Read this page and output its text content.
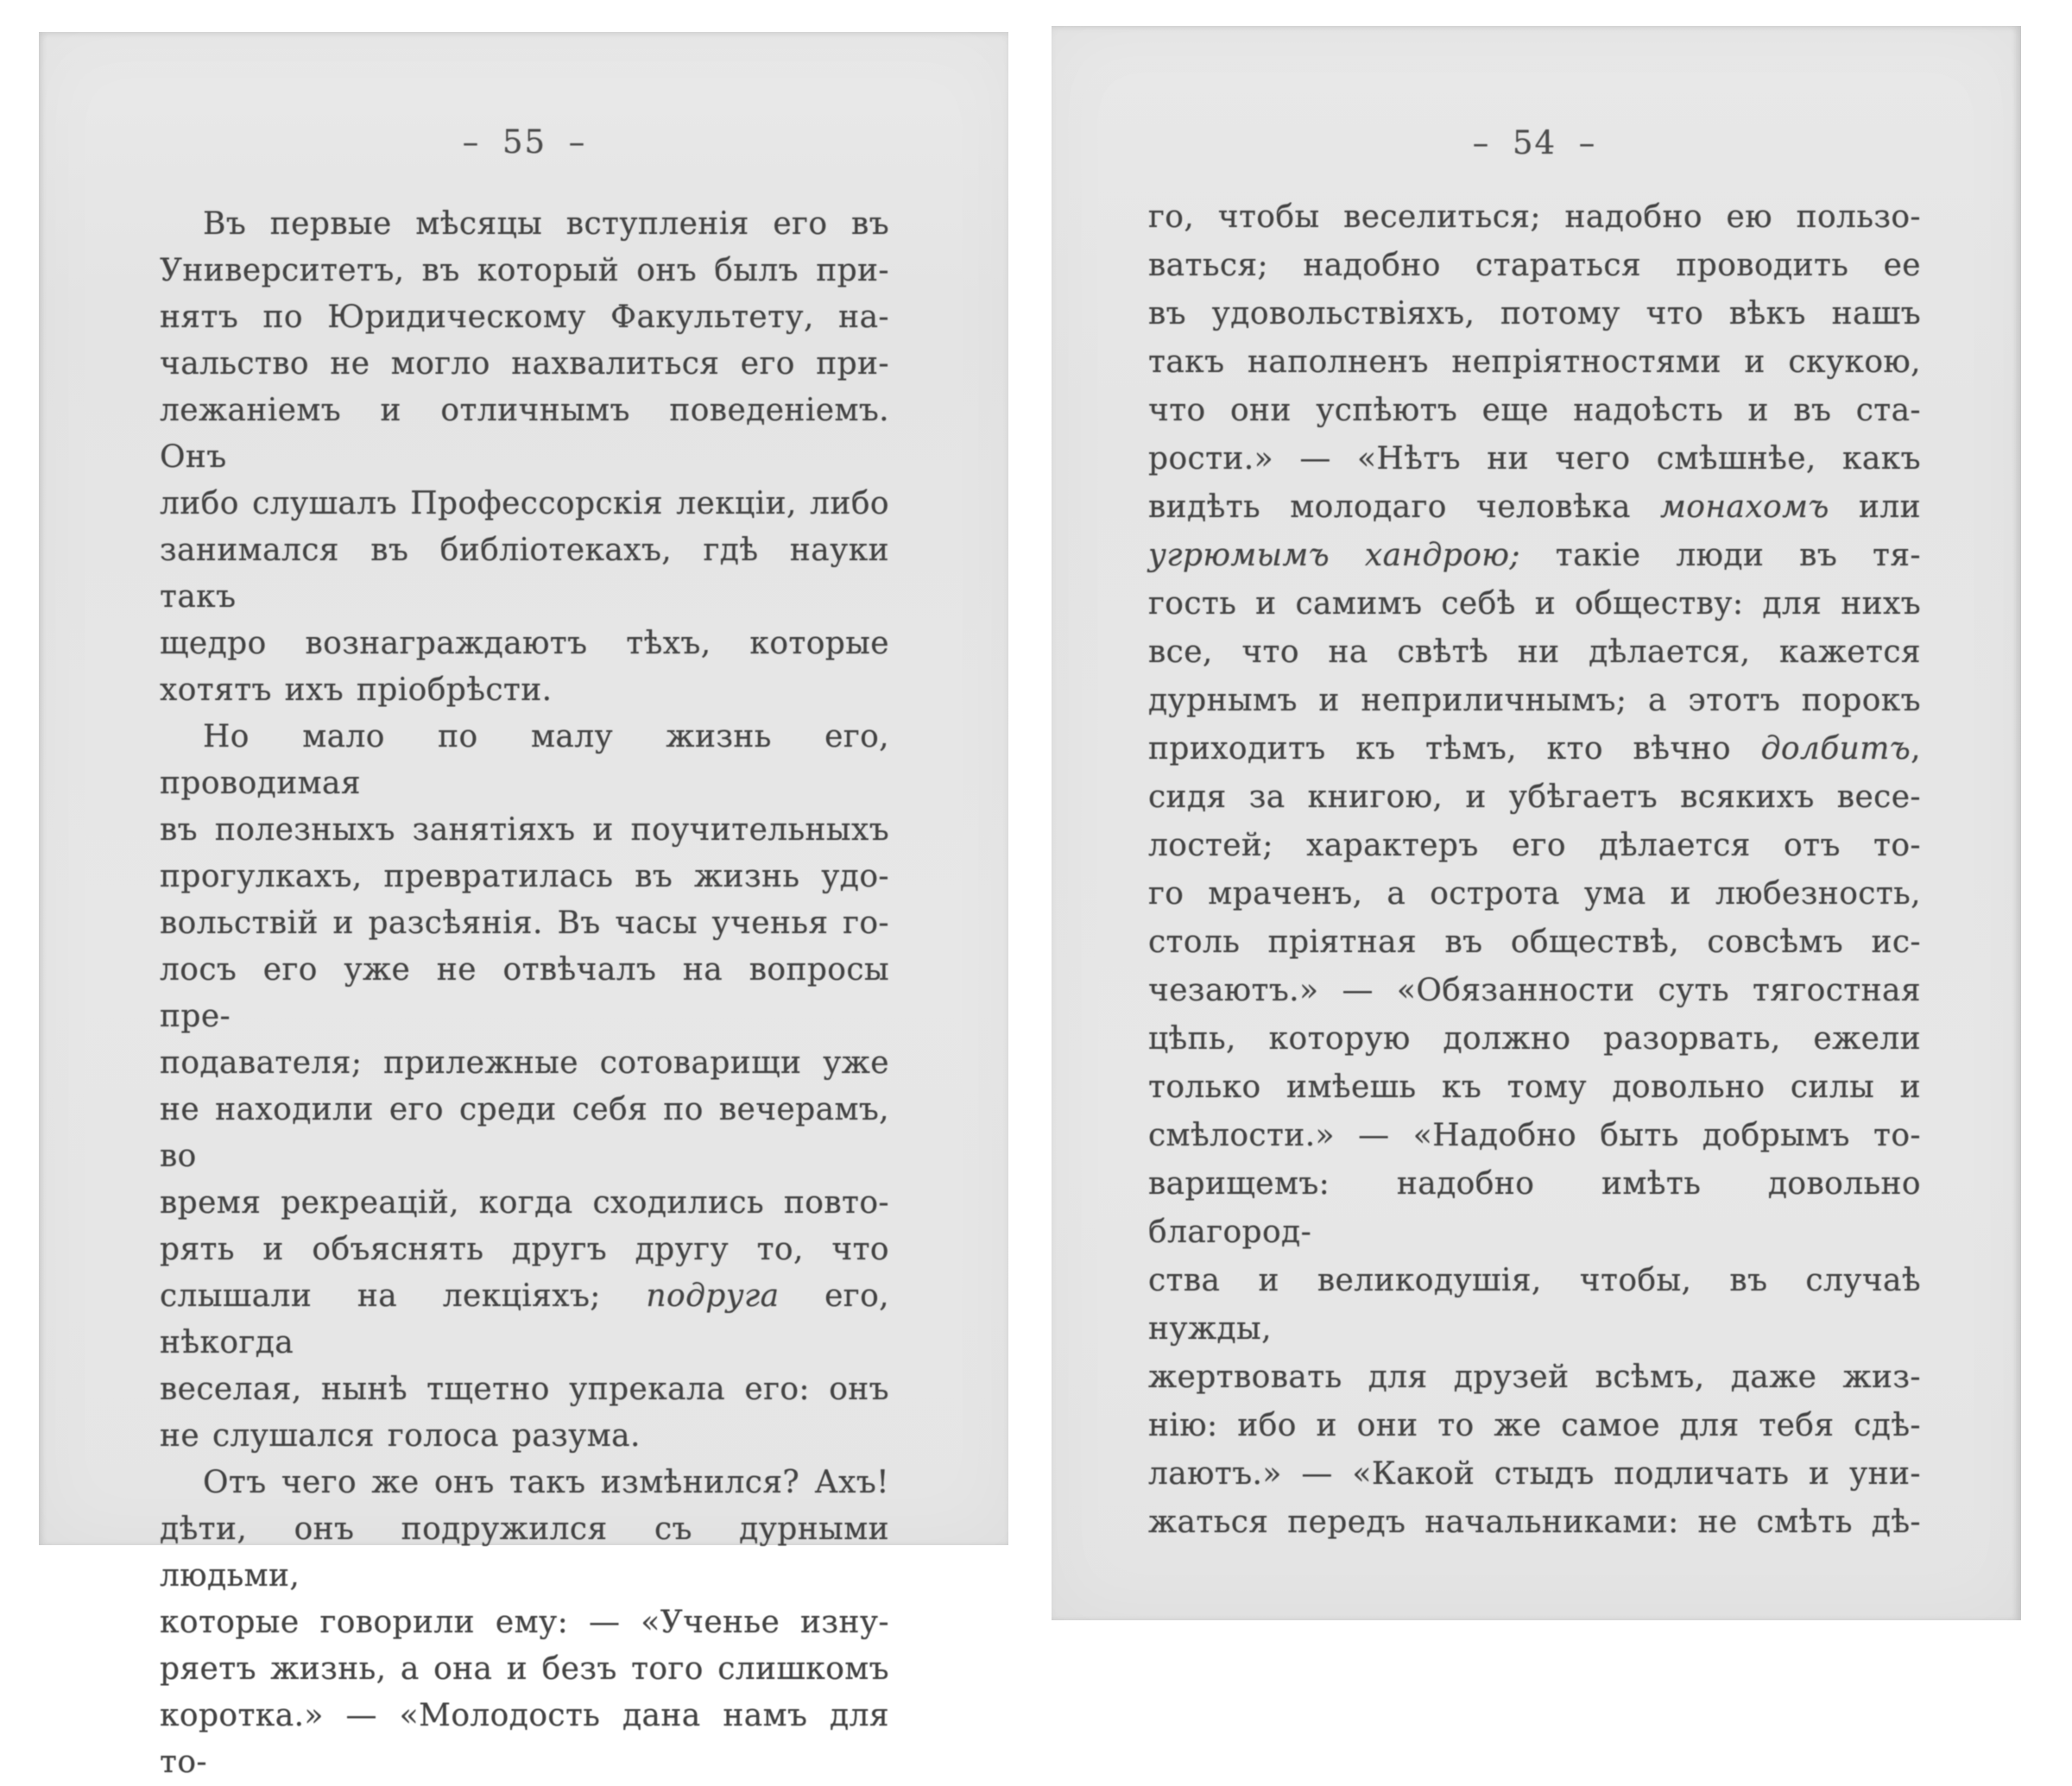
– 55 –
Въ первые мѣсяцы вступленія его въ
Университетъ, въ который онъ былъ при-
нятъ по Юридическому Факультету, на-
чальство не могло нахвалиться его при-
лежаніемъ и отличнымъ поведеніемъ. Онъ
либо слушалъ Профессорскія лекціи, либо
занимался въ библіотекахъ, гдѣ науки такъ
щедро вознаграждаютъ тѣхъ, которые
хотятъ ихъ пріобрѣсти.
Но мало по малу жизнь его, проводимая
въ полезныхъ занятіяхъ и поучительныхъ
прогулкахъ, превратилась въ жизнь удо-
вольствій и разсѣянія. Въ часы ученья го-
лосъ его уже не отвѣчалъ на вопросы пре-
подавателя; прилежные сотоварищи уже
не находили его среди себя по вечерамъ, во
время рекреацій, когда сходились повто-
рять и объяснять другъ другу то, что
слышали на лекціяхъ; подруга его, нѣкогда
веселая, нынѣ тщетно упрекала его: онъ
не слушался голоса разума.
Отъ чего же онъ такъ измѣнился? Ахъ!
дѣти, онъ подружился съ дурными людьми,
которые говорили ему: — «Ученье изну-
ряетъ жизнь, а она и безъ того слишкомъ
коротка.» — «Молодость дана намъ для то-
– 54 –
го, чтобы веселиться; надобно ею пользо-
ваться; надобно стараться проводить ее
въ удовольствіяхъ, потому что вѣкъ нашъ
такъ наполненъ непріятностями и скукою,
что они успѣютъ еще надоѣсть и въ ста-
рости.» — «Нѣтъ ни чего смѣшнѣе, какъ
видѣть молодаго человѣка монахомъ или
угрюмымъ хандрою; такіе люди въ тя-
гость и самимъ себѣ и обществу: для нихъ
все, что на свѣтѣ ни дѣлается, кажется
дурнымъ и неприличнымъ; а этотъ порокъ
приходитъ къ тѣмъ, кто вѣчно долбитъ,
сидя за книгою, и убѣгаетъ всякихъ весе-
лостей; характеръ его дѣлается отъ то-
го мраченъ, а острота ума и любезность,
столь пріятная въ обществѣ, совсѣмъ ис-
чезаютъ.» — «Обязанности суть тягостная
цѣпь, которую должно разорвать, ежели
только имѣешь къ тому довольно силы и
смѣлости.» — «Надобно быть добрымъ то-
варищемъ: надобно имѣть довольно благород-
ства и великодушія, чтобы, въ случаѣ нужды,
жертвовать для друзей всѣмъ, даже жиз-
нію: ибо и они то же самое для тебя сдѣ-
лаютъ.» — «Какой стыдъ подличать и уни-
жаться передъ начальниками: не смѣть дѣ-
